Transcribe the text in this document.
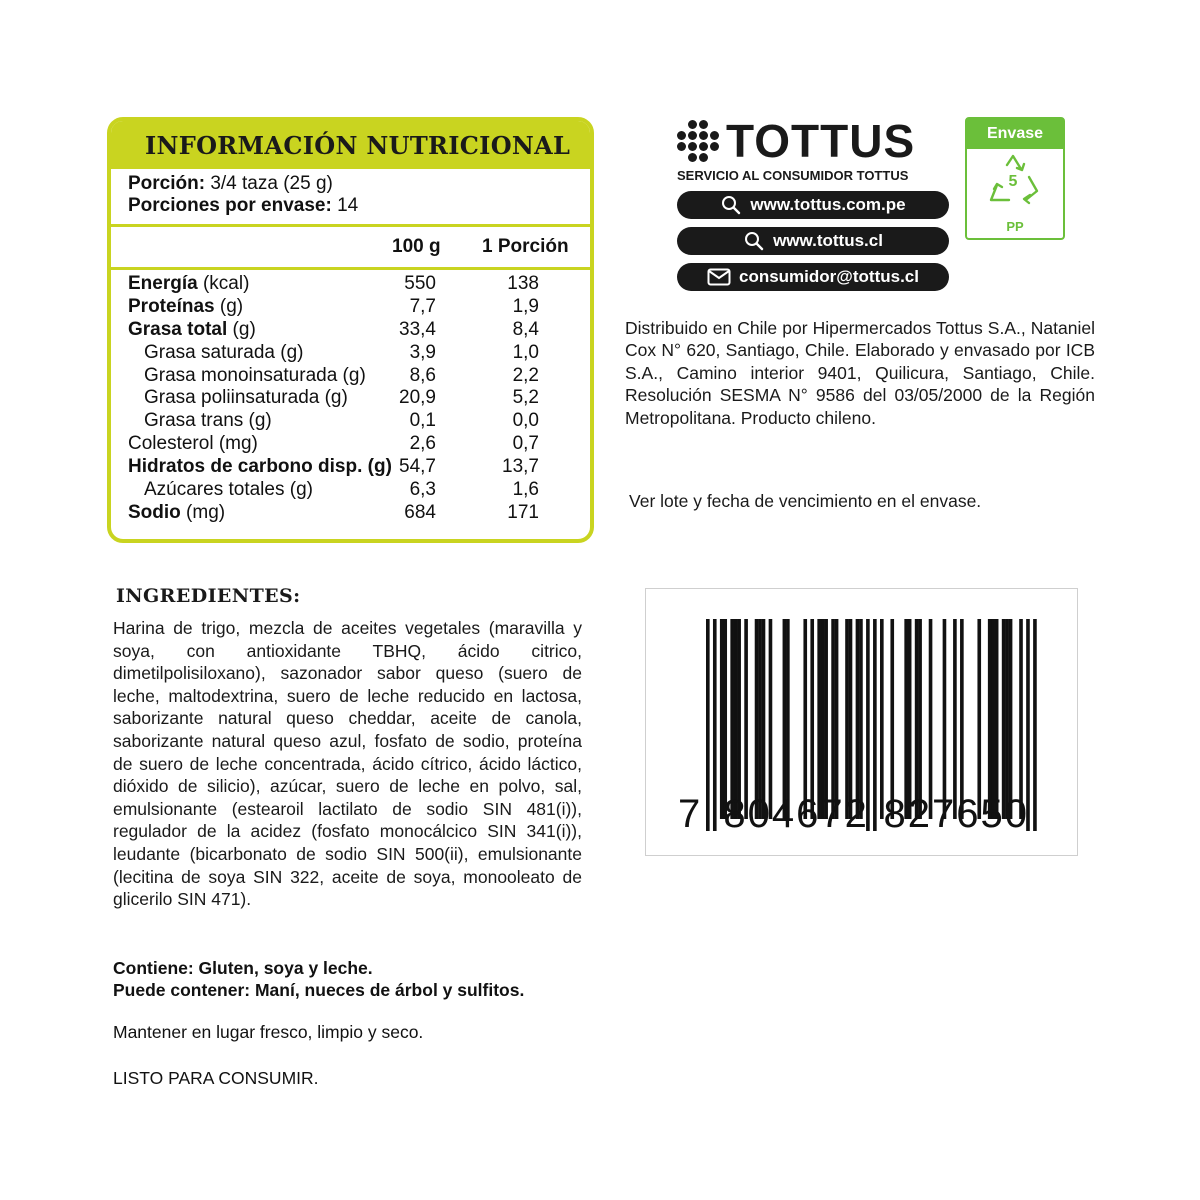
INFORMACIÓN NUTRICIONAL
Porción: 3/4 taza (25 g)
Porciones por envase: 14
100 g 1 Porción
Energía (kcal)	550	138
Proteínas (g)	7,7	1,9
Grasa total (g)	33,4	8,4
Grasa saturada (g)	3,9	1,0
Grasa monoinsaturada (g) 8,6	2,2
Grasa poliinsaturada (g)	20,9	5,2
Grasa trans (g)	0,1	0,0
Colesterol (mg)	2,6	0,7
Hidratos de carbono disp. (g) 54,7	13,7
Azúcares totales (g)	6,3	1,6
Sodio (mg)	684	171
TOTTUS
SERVICIO AL CONSUMIDOR TOTTUS
www.tottus.com.pe
www.tottus.cl
consumidor@tottus.cl
Envase
5
PP
Distribuido en Chile por Hipermercados Tottus S.A., Nataniel Cox N° 620, Santiago, Chile. Elaborado y envasado por ICB S.A., Camino interior 9401, Quilicura, Santiago, Chile. Resolución SESMA N° 9586 del 03/05/2000 de la Región Metropolitana. Producto chileno.
Ver lote y fecha de vencimiento en el envase.
INGREDIENTES:
Harina de trigo, mezcla de aceites vegetales (maravilla y soya, con antioxidante TBHQ, ácido citrico, dimetilpolisiloxano), sazonador sabor queso (suero de leche, maltodextrina, suero de leche reducido en lactosa, saborizante natural queso cheddar, aceite de canola, saborizante natural queso azul, fosfato de sodio, proteína de suero de leche concentrada, ácido cítrico, ácido láctico, dióxido de silicio), azúcar, suero de leche en polvo, sal, emulsionante (estearoil lactilato de sodio SIN 481(i)), regulador de la acidez (fosfato monocálcico SIN 341(i)), leudante (bicarbonato de sodio SIN 500(ii), emulsionante (lecitina de soya SIN 322, aceite de soya, monooleato de glicerilo SIN 471).
Contiene: Gluten, soya y leche.
Puede contener: Maní, nueces de árbol y sulfitos.
Mantener en lugar fresco, limpio y seco.
LISTO PARA CONSUMIR.
7 804672 827650
